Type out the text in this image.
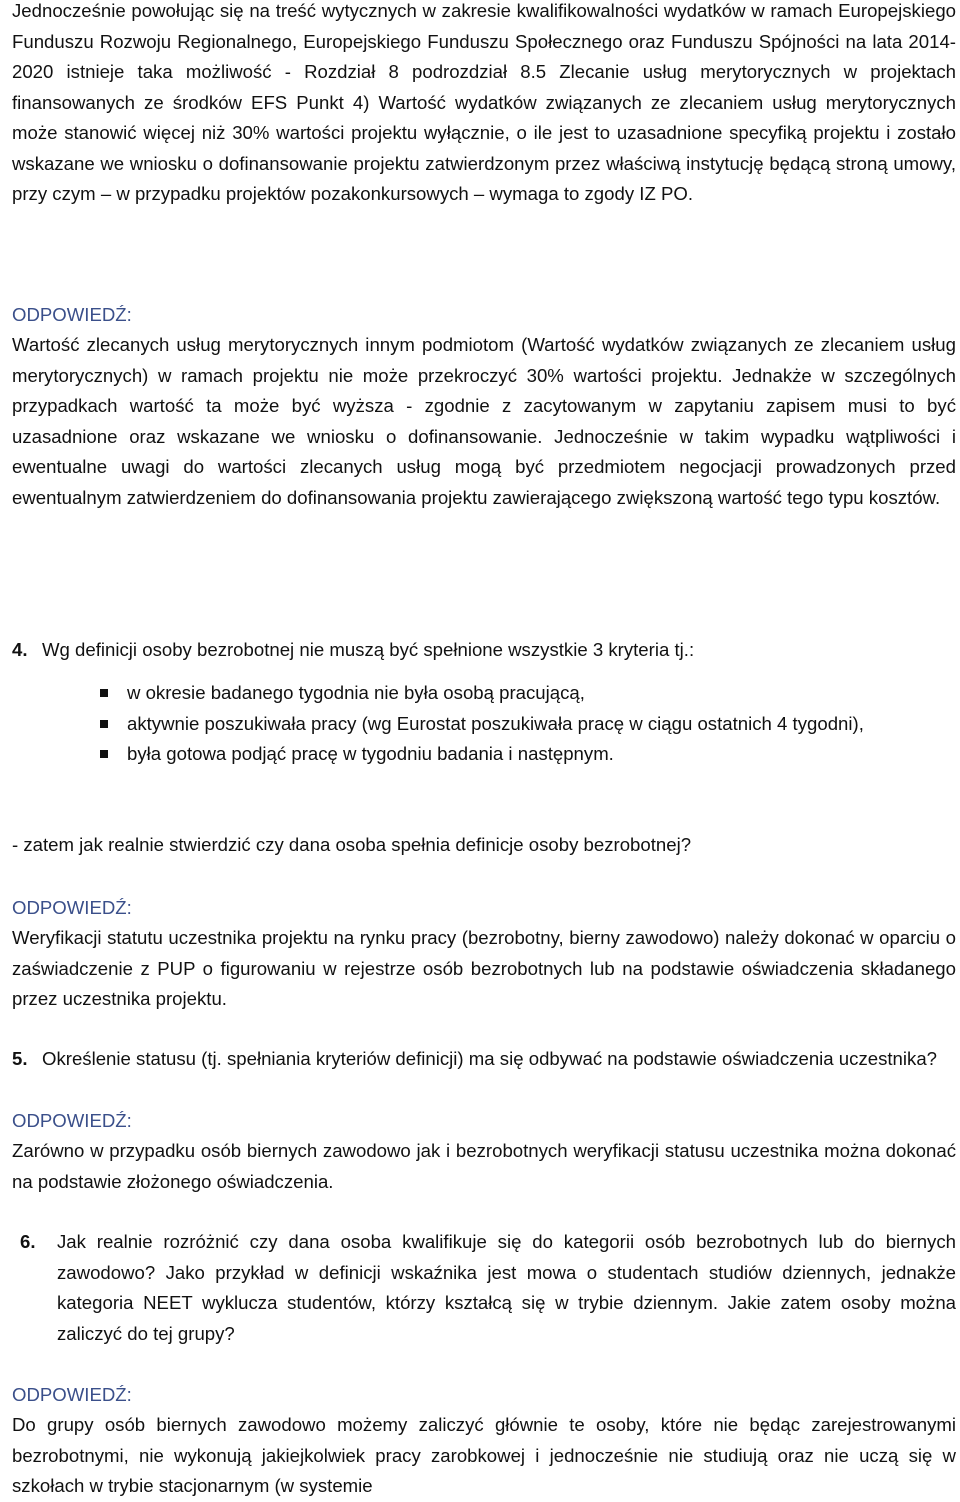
Jednocześnie powołując się na treść wytycznych w zakresie kwalifikowalności wydatków w ramach Europejskiego Funduszu Rozwoju Regionalnego, Europejskiego Funduszu Społecznego oraz Funduszu Spójności na lata 2014-2020 istnieje taka możliwość - Rozdział 8 podrozdział 8.5 Zlecanie usług merytorycznych w projektach finansowanych ze środków EFS Punkt 4) Wartość wydatków związanych ze zlecaniem usług merytorycznych może stanowić więcej niż 30% wartości projektu wyłącznie, o ile jest to uzasadnione specyfiką projektu i zostało wskazane we wniosku o dofinansowanie projektu zatwierdzonym przez właściwą instytucję będącą stroną umowy, przy czym – w przypadku projektów pozakonkursowych – wymaga to zgody IZ PO.

ODPOWIEDŹ:

Wartość zlecanych usług merytorycznych innym podmiotom (Wartość wydatków związanych ze zlecaniem usług merytorycznych) w ramach projektu nie może przekroczyć 30% wartości projektu. Jednakże w szczególnych przypadkach wartość ta może być wyższa - zgodnie z zacytowanym w zapytaniu zapisem musi to być uzasadnione oraz wskazane we wniosku o dofinansowanie. Jednocześnie w takim wypadku wątpliwości i ewentualne uwagi do wartości zlecanych usług mogą być przedmiotem negocjacji prowadzonych przed ewentualnym zatwierdzeniem do dofinansowania projektu zawierającego zwiększoną wartość tego typu kosztów.

4. Wg definicji osoby bezrobotnej nie muszą być spełnione wszystkie 3 kryteria tj.:
w okresie badanego tygodnia nie była osobą pracującą,
aktywnie poszukiwała pracy (wg Eurostat poszukiwała pracę w ciągu ostatnich 4 tygodni),
była gotowa podjąć pracę w tygodniu badania i następnym.

- zatem jak realnie stwierdzić czy dana osoba spełnia definicje osoby bezrobotnej?

ODPOWIEDŹ:

Weryfikacji statutu uczestnika projektu na rynku pracy (bezrobotny, bierny zawodowo) należy dokonać w oparciu o zaświadczenie z PUP o figurowaniu w rejestrze osób bezrobotnych lub na podstawie oświadczenia składanego przez uczestnika projektu.

5. Określenie statusu (tj. spełniania kryteriów definicji) ma się odbywać na podstawie oświadczenia uczestnika?

ODPOWIEDŹ:

Zarówno w przypadku osób biernych zawodowo jak i bezrobotnych weryfikacji statusu uczestnika można dokonać na podstawie złożonego oświadczenia.

6. Jak realnie rozróżnić czy dana osoba kwalifikuje się do kategorii osób bezrobotnych lub do biernych zawodowo? Jako przykład w definicji wskaźnika jest mowa o studentach studiów dziennych, jednakże kategoria NEET wyklucza studentów, którzy kształcą się w trybie dziennym. Jakie zatem osoby można zaliczyć do tej grupy?

ODPOWIEDŹ:

Do grupy osób biernych zawodowo możemy zaliczyć głównie te osoby, które nie będąc zarejestrowanymi bezrobotnymi, nie wykonują jakiejkolwiek pracy zarobkowej i jednocześnie nie studiują oraz nie uczą się w szkołach w trybie stacjonarnym (w systemie
